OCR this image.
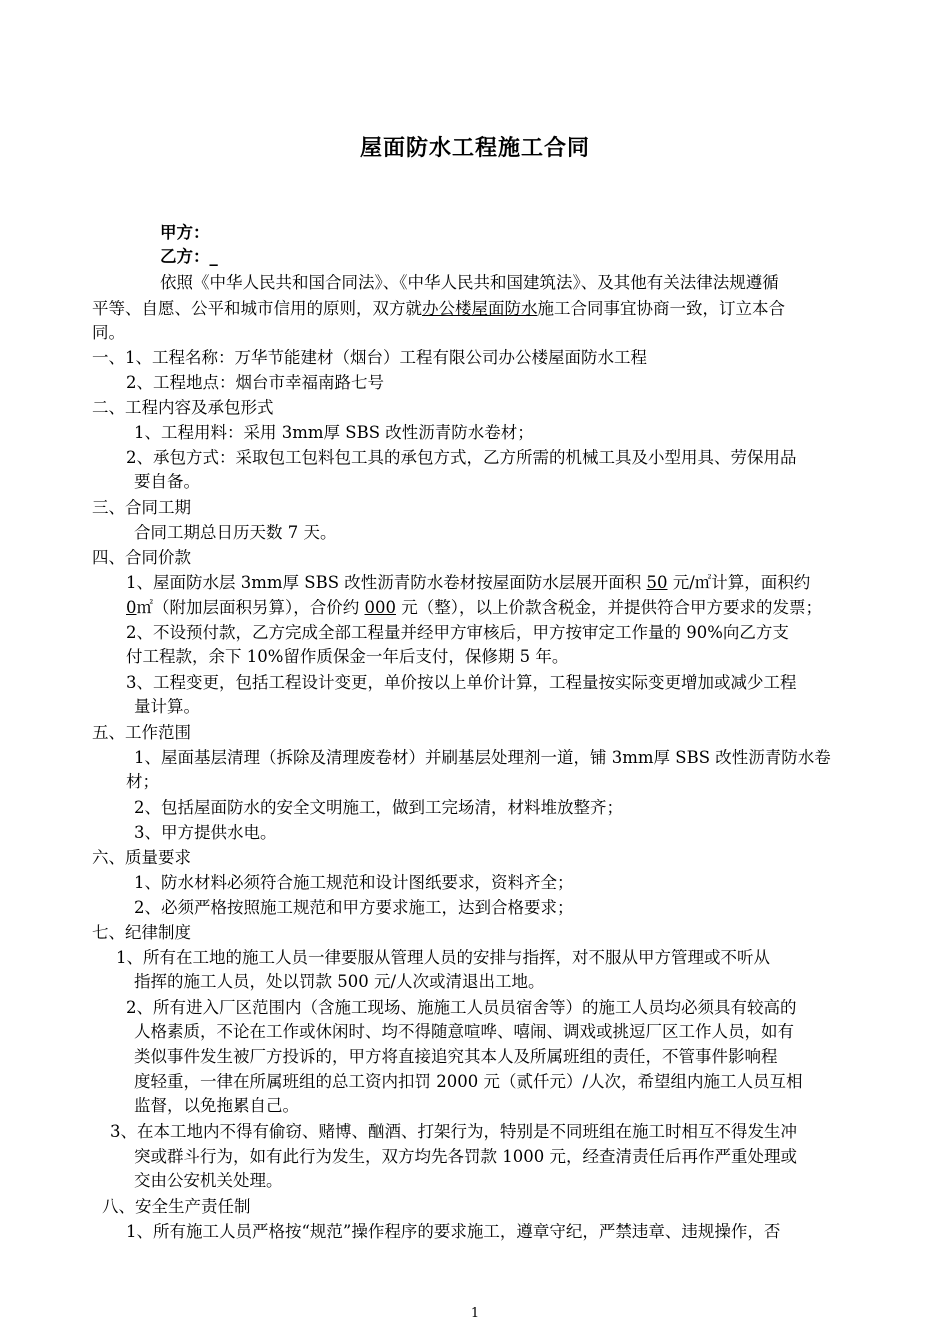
屋面防水工程施工合同
甲方：
乙方：_
依照《中华人民共和国合同法》、《中华人民共和国建筑法》、及其他有关法律法规遵循
平等、自愿、公平和城市信用的原则，双方就办公楼屋面防水施工合同事宜协商一致，订立本合
同。
一、1、工程名称：万华节能建材（烟台）工程有限公司办公楼屋面防水工程
2、工程地点：烟台市幸福南路七号
二、工程内容及承包形式
1、工程用料：采用 3mm厚 SBS 改性沥青防水卷材；
2、承包方式：采取包工包料包工具的承包方式，乙方所需的机械工具及小型用具、劳保用品
要自备。
三、合同工期
合同工期总日历天数 7 天。
四、合同价款
1、屋面防水层 3mm厚 SBS 改性沥青防水卷材按屋面防水层展开面积 50 元/㎡计算，面积约
0㎡（附加层面积另算），合价约 000 元（整），以上价款含税金，并提供符合甲方要求的发票；
2、不设预付款，乙方完成全部工程量并经甲方审核后，甲方按审定工作量的 90%向乙方支
付工程款，余下 10%留作质保金一年后支付，保修期 5 年。
3、工程变更，包括工程设计变更，单价按以上单价计算，工程量按实际变更增加或减少工程
量计算。
五、工作范围
1、屋面基层清理（拆除及清理废卷材）并刷基层处理剂一道，铺 3mm厚 SBS 改性沥青防水卷
材；
2、包括屋面防水的安全文明施工，做到工完场清，材料堆放整齐；
3、甲方提供水电。
六、质量要求
1、防水材料必须符合施工规范和设计图纸要求，资料齐全；
2、必须严格按照施工规范和甲方要求施工，达到合格要求；
七、纪律制度
1、所有在工地的施工人员一律要服从管理人员的安排与指挥，对不服从甲方管理或不听从
指挥的施工人员，处以罚款 500 元/人次或清退出工地。
2、所有进入厂区范围内（含施工现场、施施工人员员宿舍等）的施工人员均必须具有较高的
人格素质，不论在工作或休闲时、均不得随意喧哗、嘻闹、调戏或挑逗厂区工作人员，如有
类似事件发生被厂方投诉的，甲方将直接追究其本人及所属班组的责任，不管事件影响程
度轻重，一律在所属班组的总工资内扣罚 2000 元（贰仟元）/人次，希望组内施工人员互相
监督，以免拖累自己。
3、在本工地内不得有偷窃、赌博、酗酒、打架行为，特别是不同班组在施工时相互不得发生冲
突或群斗行为，如有此行为发生，双方均先各罚款 1000 元，经查清责任后再作严重处理或
交由公安机关处理。
八、安全生产责任制
1、所有施工人员严格按“规范”操作程序的要求施工，遵章守纪，严禁违章、违规操作，否
1
